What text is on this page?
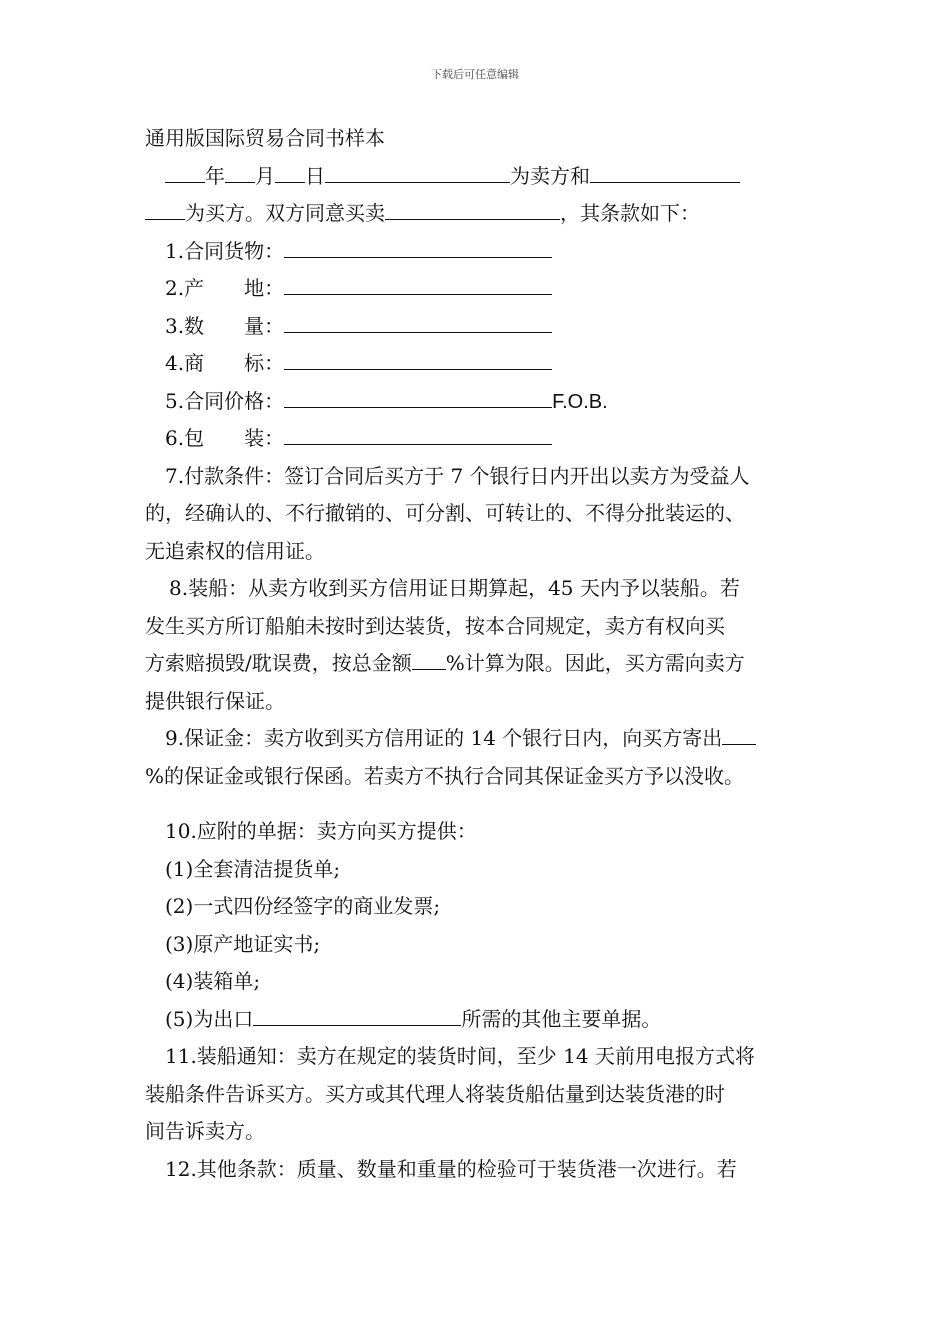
下载后可任意编辑
通用版国际贸易合同书样本
年 月 日	为卖方和
为买方。双方同意买卖	，其条款如下：
1.合同货物：
2.产　　地：
3.数　　量：
4.商　　标：
5.合同价格：	F.O.B.
6.包　　装：
7.付款条件：签订合同后买方于 7 个银行日内开出以卖方为受益人
的，经确认的、不行撤销的、可分割、可转让的、不得分批装运的、
无追索权的信用证。
8.装船：从卖方收到买方信用证日期算起，45 天内予以装船。若
发生买方所订船舶未按时到达装货，按本合同规定，卖方有权向买
方索赔损毁/耽误费，按总金额 %计算为限。因此，买方需向卖方
提供银行保证。
9.保证金：卖方收到买方信用证的 14 个银行日内，向买方寄出
%的保证金或银行保函。若卖方不执行合同其保证金买方予以没收。
10.应附的单据：卖方向买方提供：
(1)全套清洁提货单;
(2)一式四份经签字的商业发票;
(3)原产地证实书;
(4)装箱单;
(5)为出口	所需的其他主要单据。
11.装船通知：卖方在规定的装货时间，至少 14 天前用电报方式将
装船条件告诉买方。买方或其代理人将装货船估量到达装货港的时
间告诉卖方。
12.其他条款：质量、数量和重量的检验可于装货港一次进行。若
